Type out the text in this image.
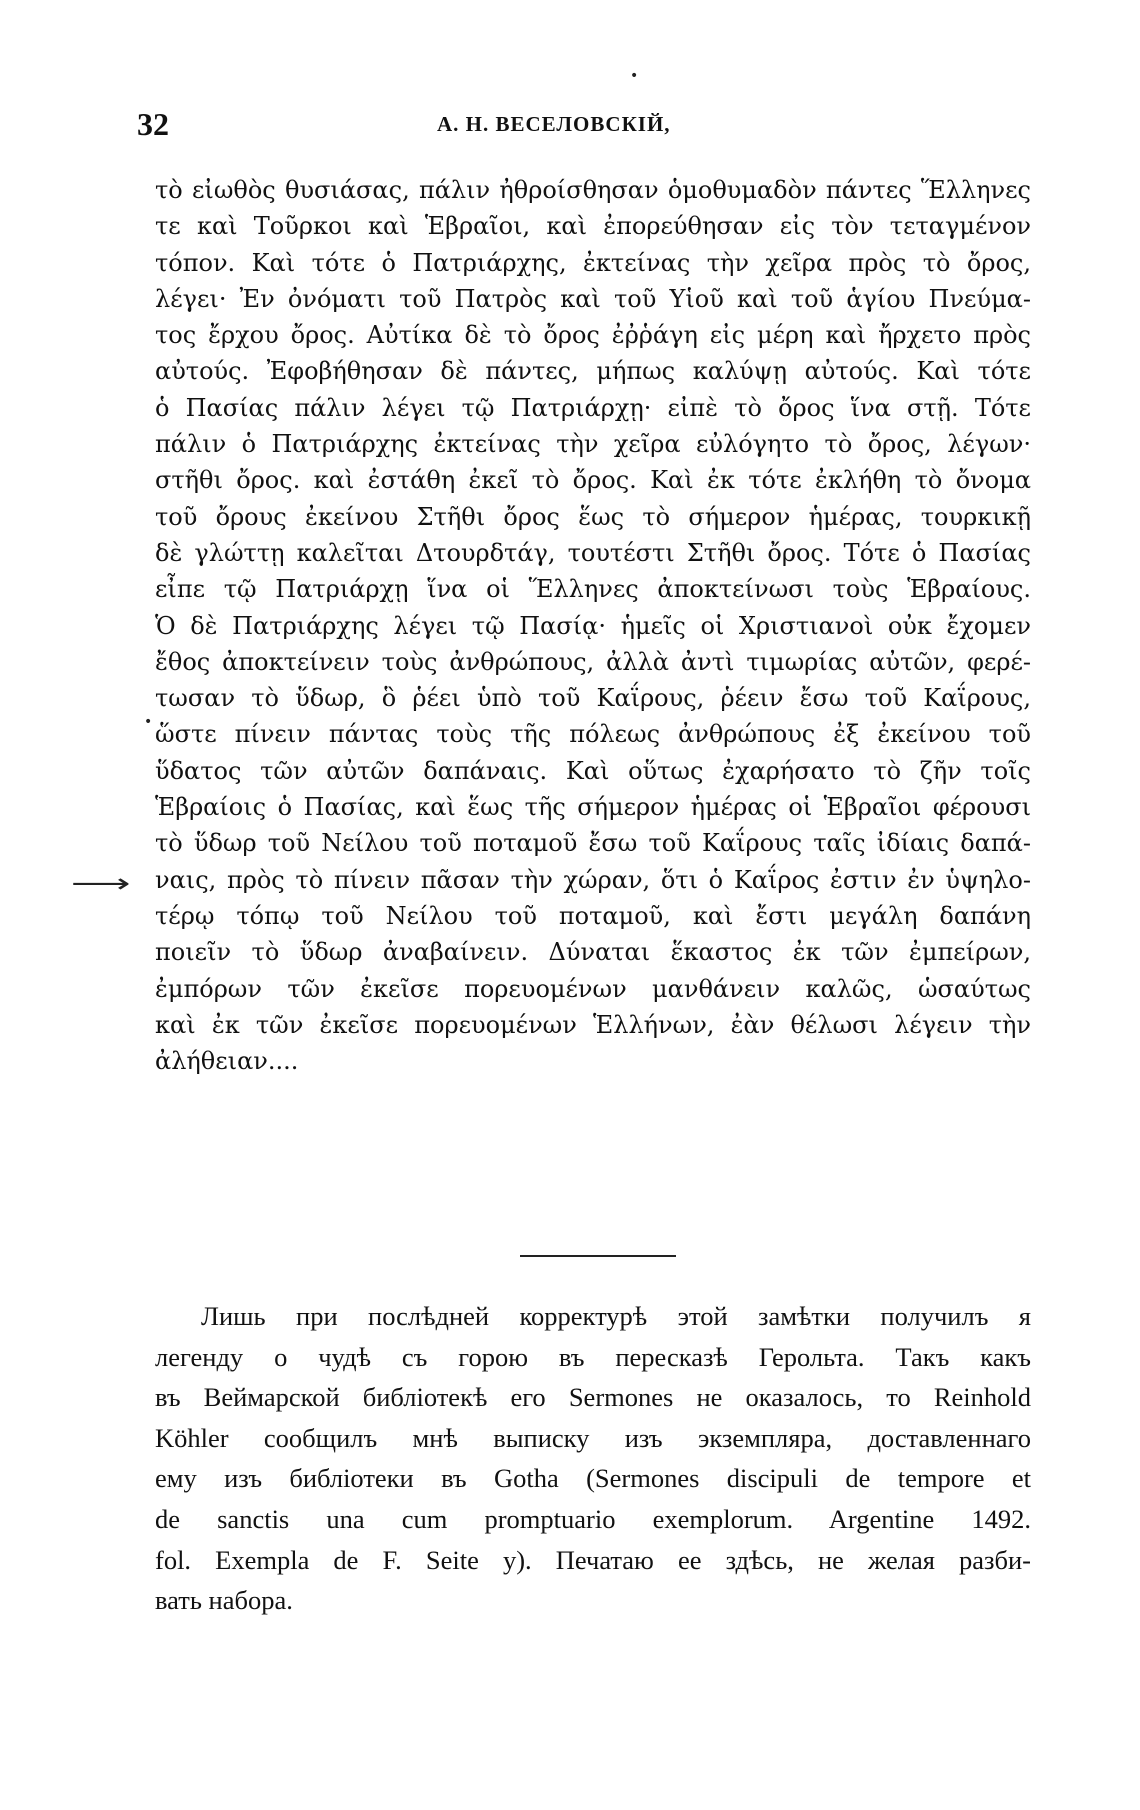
•
32	А. Н. ВЕСЕЛОВСКІЙ,
τὸ εἰωθὸς θυσιάσας, πάλιν ἠθροίσθησαν ὁμοθυμαδὸν πάντες Ἕλληνες
τε καὶ Τοῦρκοι καὶ Ἑβραῖοι, καὶ ἐπορεύθησαν εἰς τὸν τεταγμένον
τόπον. Καὶ τότε ὁ Πατριάρχης, ἐκτείνας τὴν χεῖρα πρὸς τὸ ὄρος,
λέγει· Ἐν ὀνόματι τοῦ Πατρὸς καὶ τοῦ Υἱοῦ καὶ τοῦ ἁγίου Πνεύμα-
τος ἔρχου ὄρος. Αὐτίκα δὲ τὸ ὄρος ἐῤῥάγη εἰς μέρη καὶ ἤρχετο πρὸς
αὐτούς. Ἐφοβήθησαν δὲ πάντες, μήπως καλύψῃ αὐτούς. Καὶ τότε
ὁ Πασίας πάλιν λέγει τῷ Πατριάρχῃ· εἰπὲ τὸ ὄρος ἵνα στῇ. Τότε
πάλιν ὁ Πατριάρχης ἐκτείνας τὴν χεῖρα εὐλόγητο τὸ ὄρος, λέγων·
στῆθι ὄρος. καὶ ἐστάθη ἐκεῖ τὸ ὄρος. Καὶ ἐκ τότε ἐκλήθη τὸ ὄνομα
τοῦ ὄρους ἐκείνου Στῆθι ὄρος ἕως τὸ σήμερον ἡμέρας, τουρκικῇ
δὲ γλώττῃ καλεῖται Δτουρδτάγ, τουτέστι Στῆθι ὄρος. Τότε ὁ Πασίας
εἶπε τῷ Πατριάρχῃ ἵνα οἱ Ἕλληνες ἀποκτείνωσι τοὺς Ἑβραίους.
Ὁ δὲ Πατριάρχης λέγει τῷ Πασίᾳ· ἡμεῖς οἱ Χριστιανοὶ οὐκ ἔχομεν
ἔθος ἀποκτείνειν τοὺς ἀνθρώπους, ἀλλὰ ἀντὶ τιμωρίας αὐτῶν, φερέ-
τωσαν τὸ ὕδωρ, ὃ ῥέει ὑπὸ τοῦ Καΐρους, ῥέειν ἔσω τοῦ Καΐρους,
ὥστε πίνειν πάντας τοὺς τῆς πόλεως ἀνθρώπους ἐξ ἐκείνου τοῦ
ὕδατος τῶν αὐτῶν δαπάναις. Καὶ οὕτως ἐχαρήσατο τὸ ζῆν τοῖς
Ἑβραίοις ὁ Πασίας, καὶ ἕως τῆς σήμερον ἡμέρας οἱ Ἑβραῖοι φέρουσι
τὸ ὕδωρ τοῦ Νείλου τοῦ ποταμοῦ ἔσω τοῦ Καΐρους ταῖς ἰδίαις δαπά-
ναις, πρὸς τὸ πίνειν πᾶσαν τὴν χώραν, ὅτι ὁ Καΐρος ἐστιν ἐν ὑψηλο-
τέρῳ τόπῳ τοῦ Νείλου τοῦ ποταμοῦ, καὶ ἔστι μεγάλη δαπάνη
ποιεῖν τὸ ὕδωρ ἀναβαίνειν. Δύναται ἕκαστος ἐκ τῶν ἐμπείρων,
ἐμπόρων τῶν ἐκεῖσε πορευομένων μανθάνειν καλῶς, ὡσαύτως
καὶ ἐκ τῶν ἐκεῖσε πορευομένων Ἑλλήνων, ἐὰν θέλωσι λέγειν τὴν
ἀλήθειαν....
•
⟶
Лишь при послѣдней корректурѣ этой замѣтки получилъ я
легенду о чудѣ съ горою въ пересказѣ Герольта. Такъ какъ
въ Веймарской библіотекѣ его Sermones не оказалось, то Reinhold
Köhler сообщилъ мнѣ выписку изъ экземпляра, доставленнаго
ему изъ библіотеки въ Gotha (Sermones discipuli de tempore et
de sanctis una cum promptuario exemplorum. Argentine 1492.
fol. Exempla de F. Seite y). Печатаю ее здѣсь, не желая разби-
вать набора.
